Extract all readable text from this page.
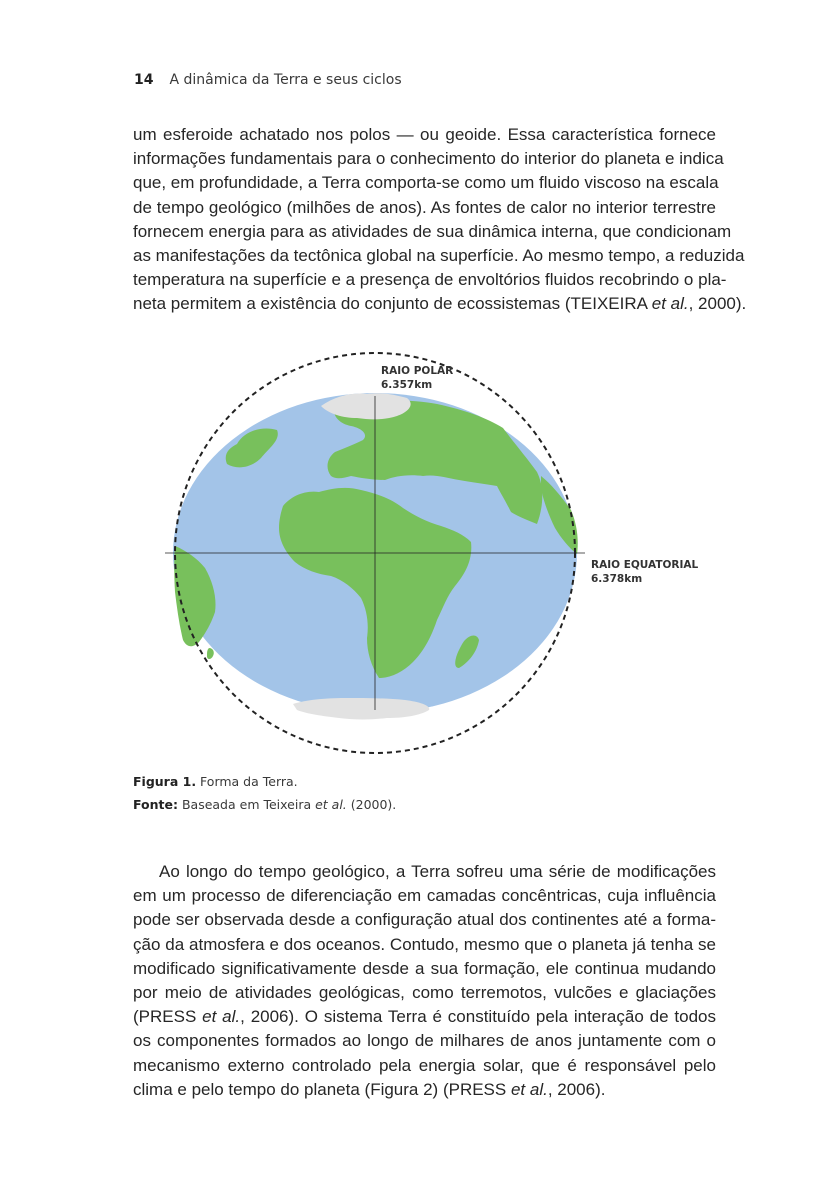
14 A dinâmica da Terra e seus ciclos
um esferoide achatado nos polos — ou geoide. Essa característica fornece
informações fundamentais para o conhecimento do interior do planeta e indica
que, em profundidade, a Terra comporta-se como um fluido viscoso na escala
de tempo geológico (milhões de anos). As fontes de calor no interior terrestre
fornecem energia para as atividades de sua dinâmica interna, que condicionam
as manifestações da tectônica global na superfície. Ao mesmo tempo, a reduzida
temperatura na superfície e a presença de envoltórios fluidos recobrindo o pla-
neta permitem a existência do conjunto de ecossistemas (TEIXEIRA et al., 2000).
RAIO POLAR
6.357km
RAIO EQUATORIAL
6.378km
Figura 1. Forma da Terra.
Fonte: Baseada em Teixeira et al. (2000).
Ao longo do tempo geológico, a Terra sofreu uma série de modificações
em um processo de diferenciação em camadas concêntricas, cuja influência
pode ser observada desde a configuração atual dos continentes até a forma-
ção da atmosfera e dos oceanos. Contudo, mesmo que o planeta já tenha se
modificado significativamente desde a sua formação, ele continua mudando
por meio de atividades geológicas, como terremotos, vulcões e glaciações
(PRESS et al., 2006). O sistema Terra é constituído pela interação de todos
os componentes formados ao longo de milhares de anos juntamente com o
mecanismo externo controlado pela energia solar, que é responsável pelo
clima e pelo tempo do planeta (Figura 2) (PRESS et al., 2006).
